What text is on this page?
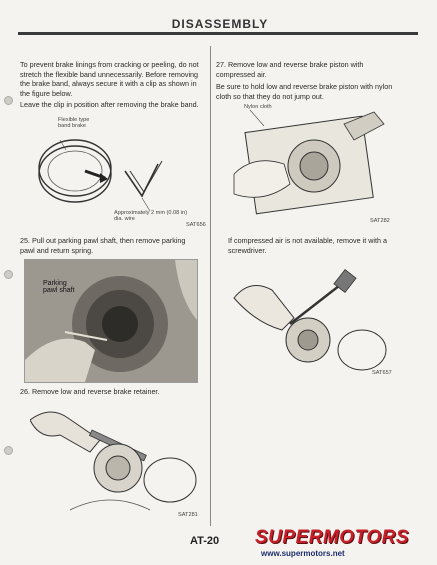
DISASSEMBLY
To prevent brake linings from cracking or peeling, do not stretch the flexible band unnecessarily. Before removing the brake band, always secure it with a clip as shown in the figure below.
Leave the clip in position after removing the brake band.
Flexible type band brake
Approximately 2 mm (0.08 in) dia. wire
SAT656
25. Pull out parking pawl shaft, then remove parking pawl and return spring.
Parking pawl shaft
26. Remove low and reverse brake retainer.
SAT281
27. Remove low and reverse brake piston with compressed air.
Be sure to hold low and reverse brake piston with nylon cloth so that they do not jump out.
Nylon cloth
SAT282
If compressed air is not available, remove it with a screwdriver.
SAT657
AT-20 SUPERMOTORS
www.supermotors.net
